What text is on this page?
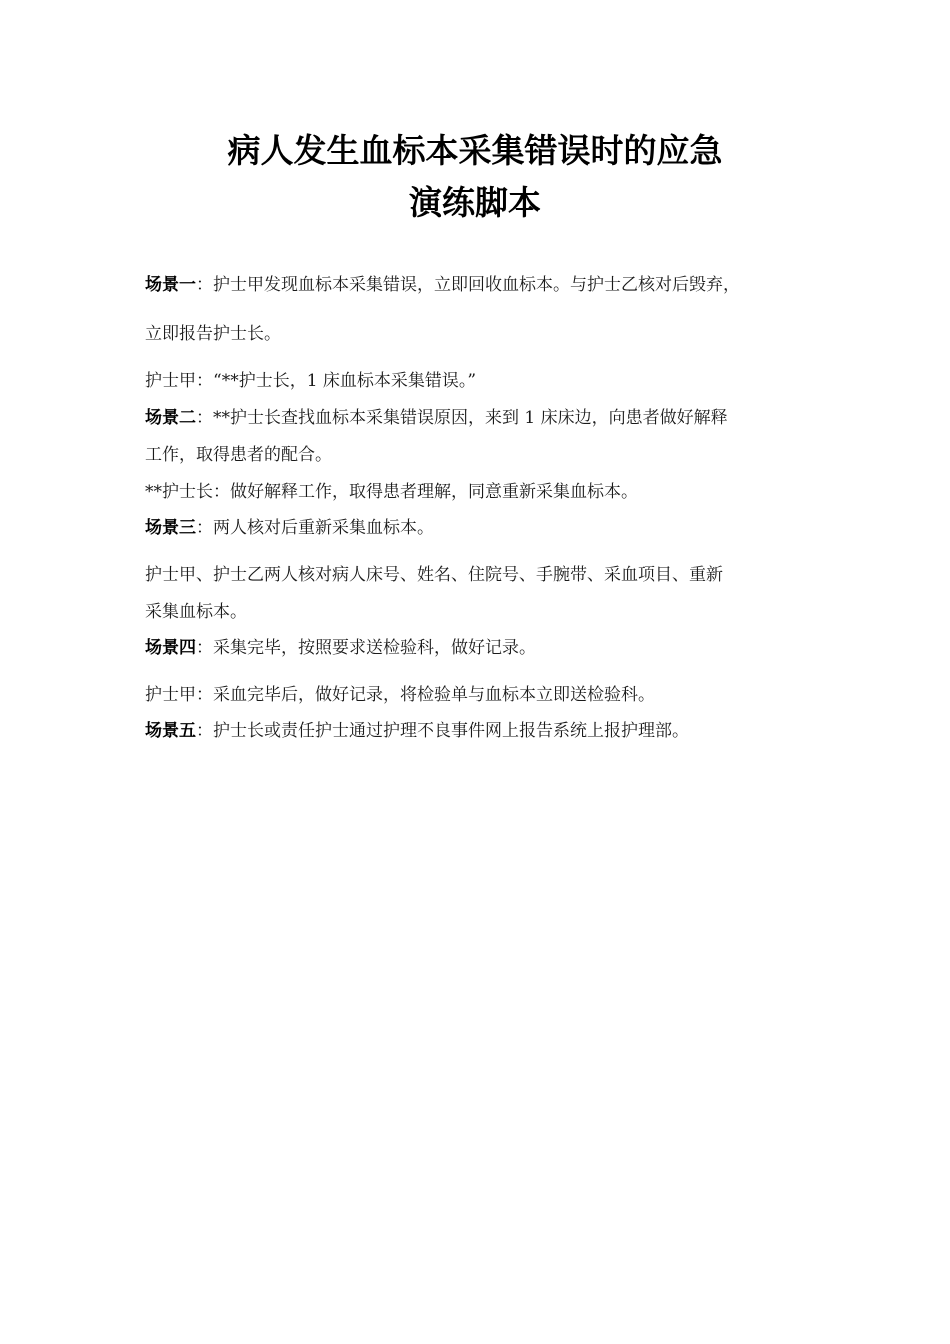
病人发生血标本采集错误时的应急
演练脚本
场景一：护士甲发现血标本采集错误，立即回收血标本。与护士乙核对后毁弃，
立即报告护士长。
护士甲：“**护士长，1 床血标本采集错误。”
场景二：**护士长查找血标本采集错误原因，来到 1 床床边，向患者做好解释
工作，取得患者的配合。
**护士长：做好解释工作，取得患者理解，同意重新采集血标本。
场景三：两人核对后重新采集血标本。
护士甲、护士乙两人核对病人床号、姓名、住院号、手腕带、采血项目、重新
采集血标本。
场景四：采集完毕，按照要求送检验科，做好记录。
护士甲：采血完毕后，做好记录，将检验单与血标本立即送检验科。
场景五：护士长或责任护士通过护理不良事件网上报告系统上报护理部。
